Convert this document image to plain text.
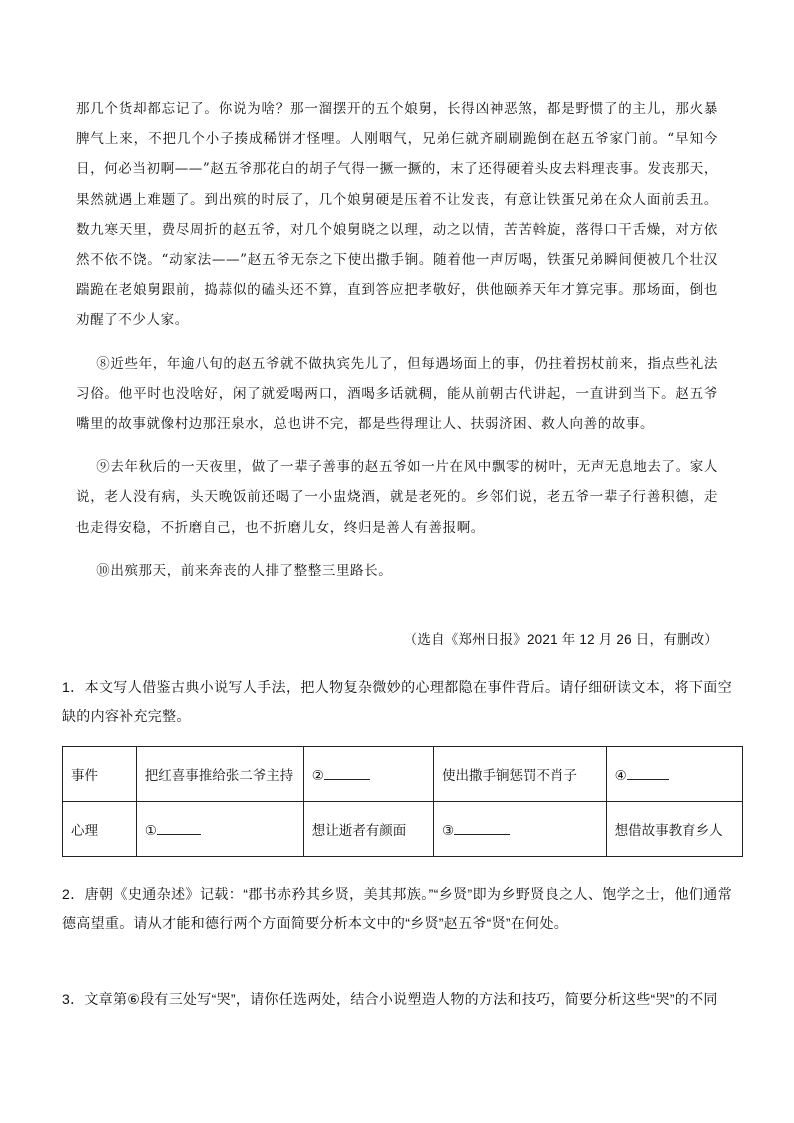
那几个货却都忘记了。你说为啥？那一溜摆开的五个娘舅，长得凶神恶煞，都是野惯了的主儿，那火暴脾气上来，不把几个小子揍成稀饼才怪哩。人刚咽气，兄弟仨就齐刷刷跪倒在赵五爷家门前。“早知今日，何必当初啊——”赵五爷那花白的胡子气得一撅一撅的，末了还得硬着头皮去料理丧事。发丧那天，果然就遇上难题了。到出殡的时辰了，几个娘舅硬是压着不让发丧，有意让铁蛋兄弟在众人面前丢丑。数九寒天里，费尽周折的赵五爷，对几个娘舅晓之以理，动之以情，苦苦斡旋，落得口干舌燥，对方依然不依不饶。“动家法——”赵五爷无奈之下使出撒手锏。随着他一声厉喝，铁蛋兄弟瞬间便被几个壮汉踹跪在老娘舅跟前，捣蒜似的磕头还不算，直到答应把孝敬好，供他颐养天年才算完事。那场面，倒也劝醒了不少人家。

⑧近些年，年逾八旬的赵五爷就不做执宾先儿了，但每遇场面上的事，仍拄着拐杖前来，指点些礼法习俗。他平时也没啥好，闲了就爱喝两口，酒喝多话就稠，能从前朝古代讲起，一直讲到当下。赵五爷嘴里的故事就像村边那汪泉水，总也讲不完，都是些得理让人、扶弱济困、救人向善的故事。

⑨去年秋后的一天夜里，做了一辈子善事的赵五爷如一片在风中飘零的树叶，无声无息地去了。家人说，老人没有病，头天晚饭前还喝了一小盅烧酒，就是老死的。乡邻们说，老五爷一辈子行善积德，走也走得安稳，不折磨自己，也不折磨儿女，终归是善人有善报啊。

⑩出殡那天，前来奔丧的人排了整整三里路长。

（选自《郑州日报》2021 年 12 月 26 日，有删改）
1．本文写人借鉴古典小说写人手法，把人物复杂微妙的心理都隐在事件背后。请仔细研读文本，将下面空缺的内容补充完整。
事件	把红喜事推给张二爷主持	②	使出撒手锏惩罚不肖子	④
心理	①	想让逝者有颜面	③	想借故事教育乡人
2．唐朝《史通杂述》记载：“郡书赤矜其乡贤，美其邦族。”“乡贤”即为乡野贤良之人、饱学之士，他们通常德高望重。请从才能和德行两个方面简要分析本文中的“乡贤”赵五爷“贤”在何处。
3．文章第⑥段有三处写“哭”，请你任选两处，结合小说塑造人物的方法和技巧，简要分析这些“哭”的不同
